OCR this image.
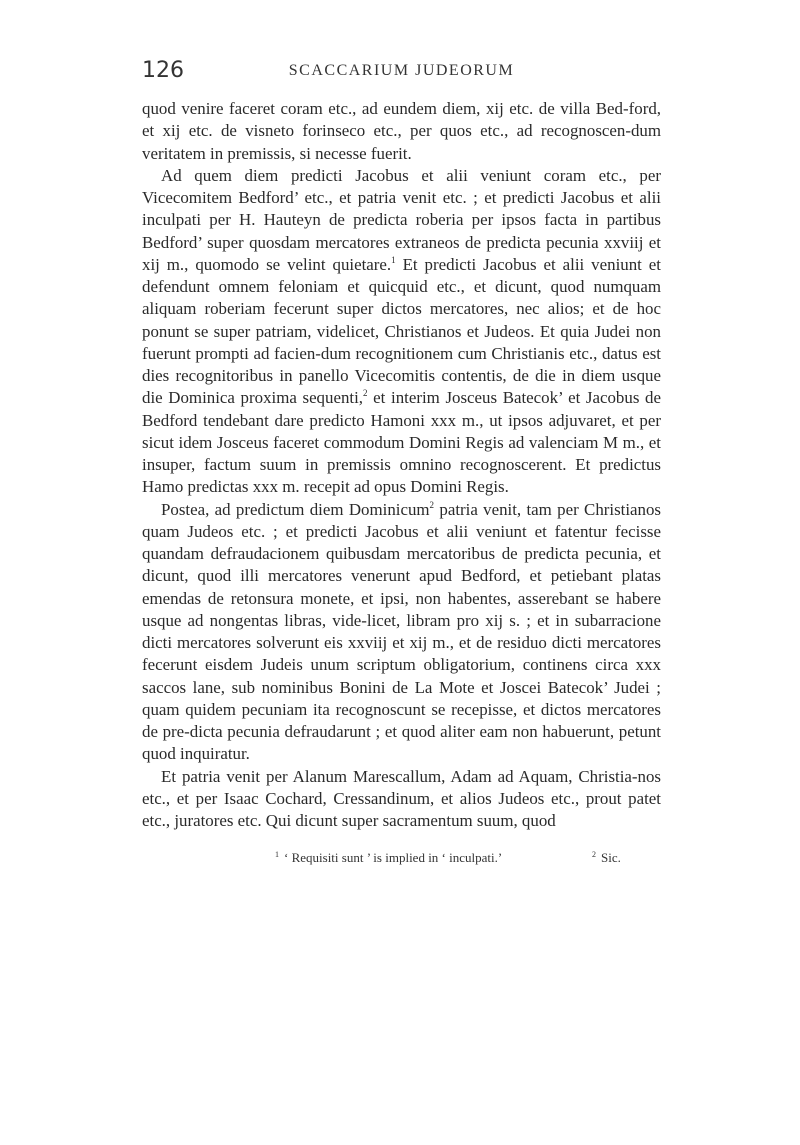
126	SCACCARIUM JUDEORUM

quod venire faceret coram etc., ad eundem diem, xij etc. de villa Bed-ford, et xij etc. de visneto forinseco etc., per quos etc., ad recognoscen-dum veritatem in premissis, si necesse fuerit.

Ad quem diem predicti Jacobus et alii veniunt coram etc., per Vicecomitem Bedford’ etc., et patria venit etc. ; et predicti Jacobus et alii inculpati per H. Hauteyn de predicta roberia per ipsos facta in partibus Bedford’ super quosdam mercatores extraneos de predicta pecunia xxviij et xij m., quomodo se velint quietare.$^1$ Et predicti Jacobus et alii veniunt et defendunt omnem feloniam et quicquid etc., et dicunt, quod numquam aliquam roberiam fecerunt super dictos mercatores, nec alios; et de hoc ponunt se super patriam, videlicet, Christianos et Judeos. Et quia Judei non fuerunt prompti ad facien-dum recognitionem cum Christianis etc., datus est dies recognitoribus in panello Vicecomitis contentis, de die in diem usque die Dominica proxima sequenti,$^2$ et interim Josceus Batecok’ et Jacobus de Bedford tendebant dare predicto Hamoni xxx m., ut ipsos adjuvaret, et per sicut idem Josceus faceret commodum Domini Regis ad valenciam M m., et insuper, factum suum in premissis omnino recognoscerent. Et predictus Hamo predictas xxx m. recepit ad opus Domini Regis.

Postea, ad predictum diem Dominicum$^2$ patria venit, tam per Christianos quam Judeos etc. ; et predicti Jacobus et alii veniunt et fatentur fecisse quandam defraudacionem quibusdam mercatoribus de predicta pecunia, et dicunt, quod illi mercatores venerunt apud Bedford, et petiebant platas emendas de retonsura monete, et ipsi, non habentes, asserebant se habere usque ad nongentas libras, vide-licet, libram pro xij s. ; et in subarracione dicti mercatores solverunt eis xxviij et xij m., et de residuo dicti mercatores fecerunt eisdem Judeis unum scriptum obligatorium, continens circa xxx saccos lane, sub nominibus Bonini de La Mote et Joscei Batecok’ Judei ; quam quidem pecuniam ita recognoscunt se recepisse, et dictos mercatores de pre-dicta pecunia defraudarunt ; et quod aliter eam non habuerunt, petunt quod inquiratur.

Et patria venit per Alanum Marescallum, Adam ad Aquam, Christia-nos etc., et per Isaac Cochard, Cressandinum, et alios Judeos etc., prout patet etc., juratores etc. Qui dicunt super sacramentum suum, quod

$^1$ ‘ Requisiti sunt ’ is implied in ‘ inculpati.’	$^2$ Sic.
